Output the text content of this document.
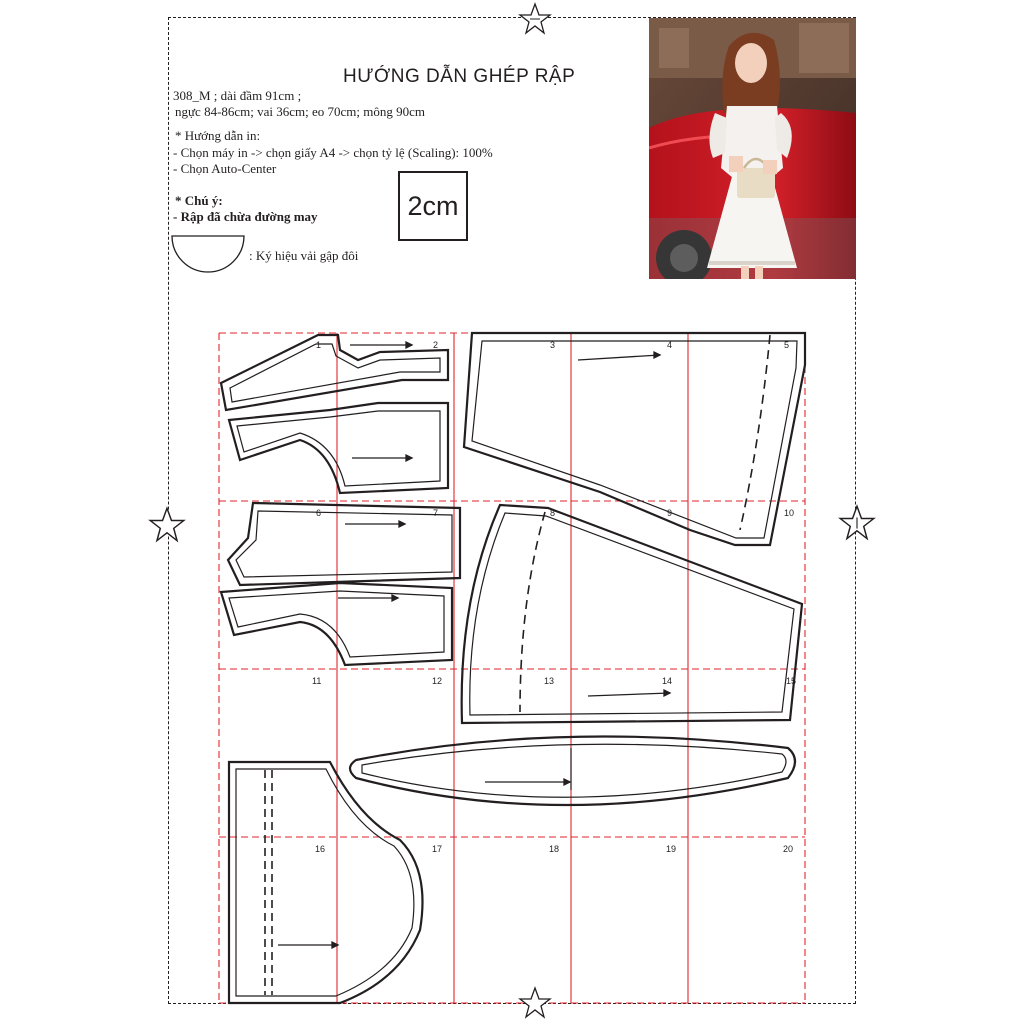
HƯỚNG DẪN GHÉP RẬP
308_M ; dài đầm 91cm ;
ngực 84-86cm; vai 36cm; eo 70cm; mông 90cm
* Hướng dẫn in:
- Chọn máy in -> chọn giấy A4 -> chọn tỷ lệ (Scaling): 100%
- Chọn Auto-Center
* Chú ý:
- Rập đã chừa đường may	2cm
: Ký hiệu vải gập đôi
1	2	3	4	5
6	7	8	9	10
11	12	13	14	15
16	17	18	19	20
